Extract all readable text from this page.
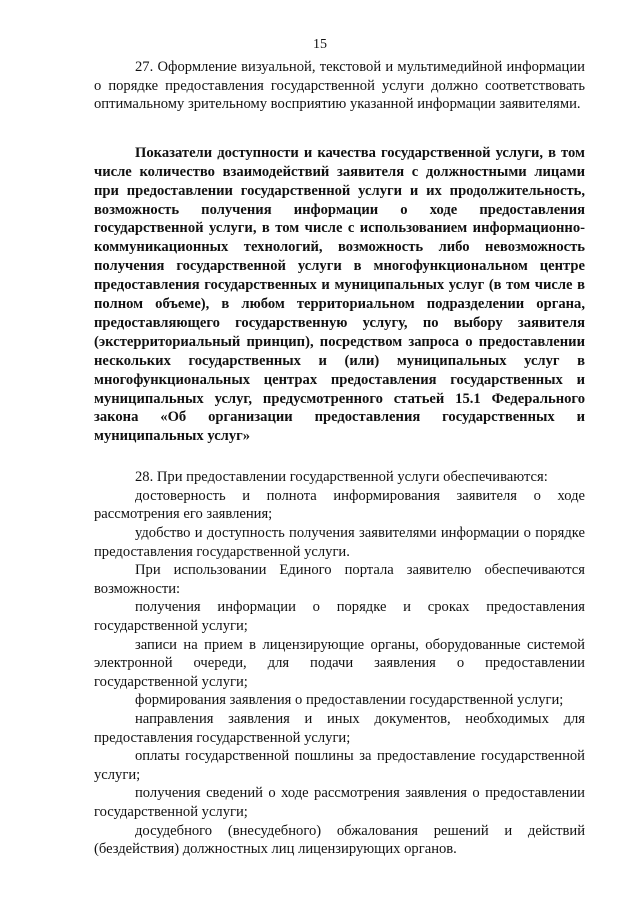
15

27. Оформление визуальной, текстовой и мультимедийной информации о порядке предоставления государственной услуги должно соответствовать оптимальному зрительному восприятию указанной информации заявителями.

Показатели доступности и качества государственной услуги, в том числе количество взаимодействий заявителя с должностными лицами при предоставлении государственной услуги и их продолжительность, возможность получения информации о ходе предоставления государственной услуги, в том числе с использованием информационно-коммуникационных технологий, возможность либо невозможность получения государственной услуги в многофункциональном центре предоставления государственных и муниципальных услуг (в том числе в полном объеме), в любом территориальном подразделении органа, предоставляющего государственную услугу, по выбору заявителя (экстерриториальный принцип), посредством запроса о предоставлении нескольких государственных и (или) муниципальных услуг в многофункциональных центрах предоставления государственных и муниципальных услуг, предусмотренного статьей 15.1 Федерального закона «Об организации предоставления государственных и муниципальных услуг»

28. При предоставлении государственной услуги обеспечиваются:

достоверность и полнота информирования заявителя о ходе рассмотрения его заявления;

удобство и доступность получения заявителями информации о порядке предоставления государственной услуги.

При использовании Единого портала заявителю обеспечиваются возможности:

получения информации о порядке и сроках предоставления государственной услуги;

записи на прием в лицензирующие органы, оборудованные системой электронной очереди, для подачи заявления о предоставлении государственной услуги;

формирования заявления о предоставлении государственной услуги;

направления заявления и иных документов, необходимых для предоставления государственной услуги;

оплаты государственной пошлины за предоставление государственной услуги;

получения сведений о ходе рассмотрения заявления о предоставлении государственной услуги;

досудебного (внесудебного) обжалования решений и действий (бездействия) должностных лиц лицензирующих органов.
